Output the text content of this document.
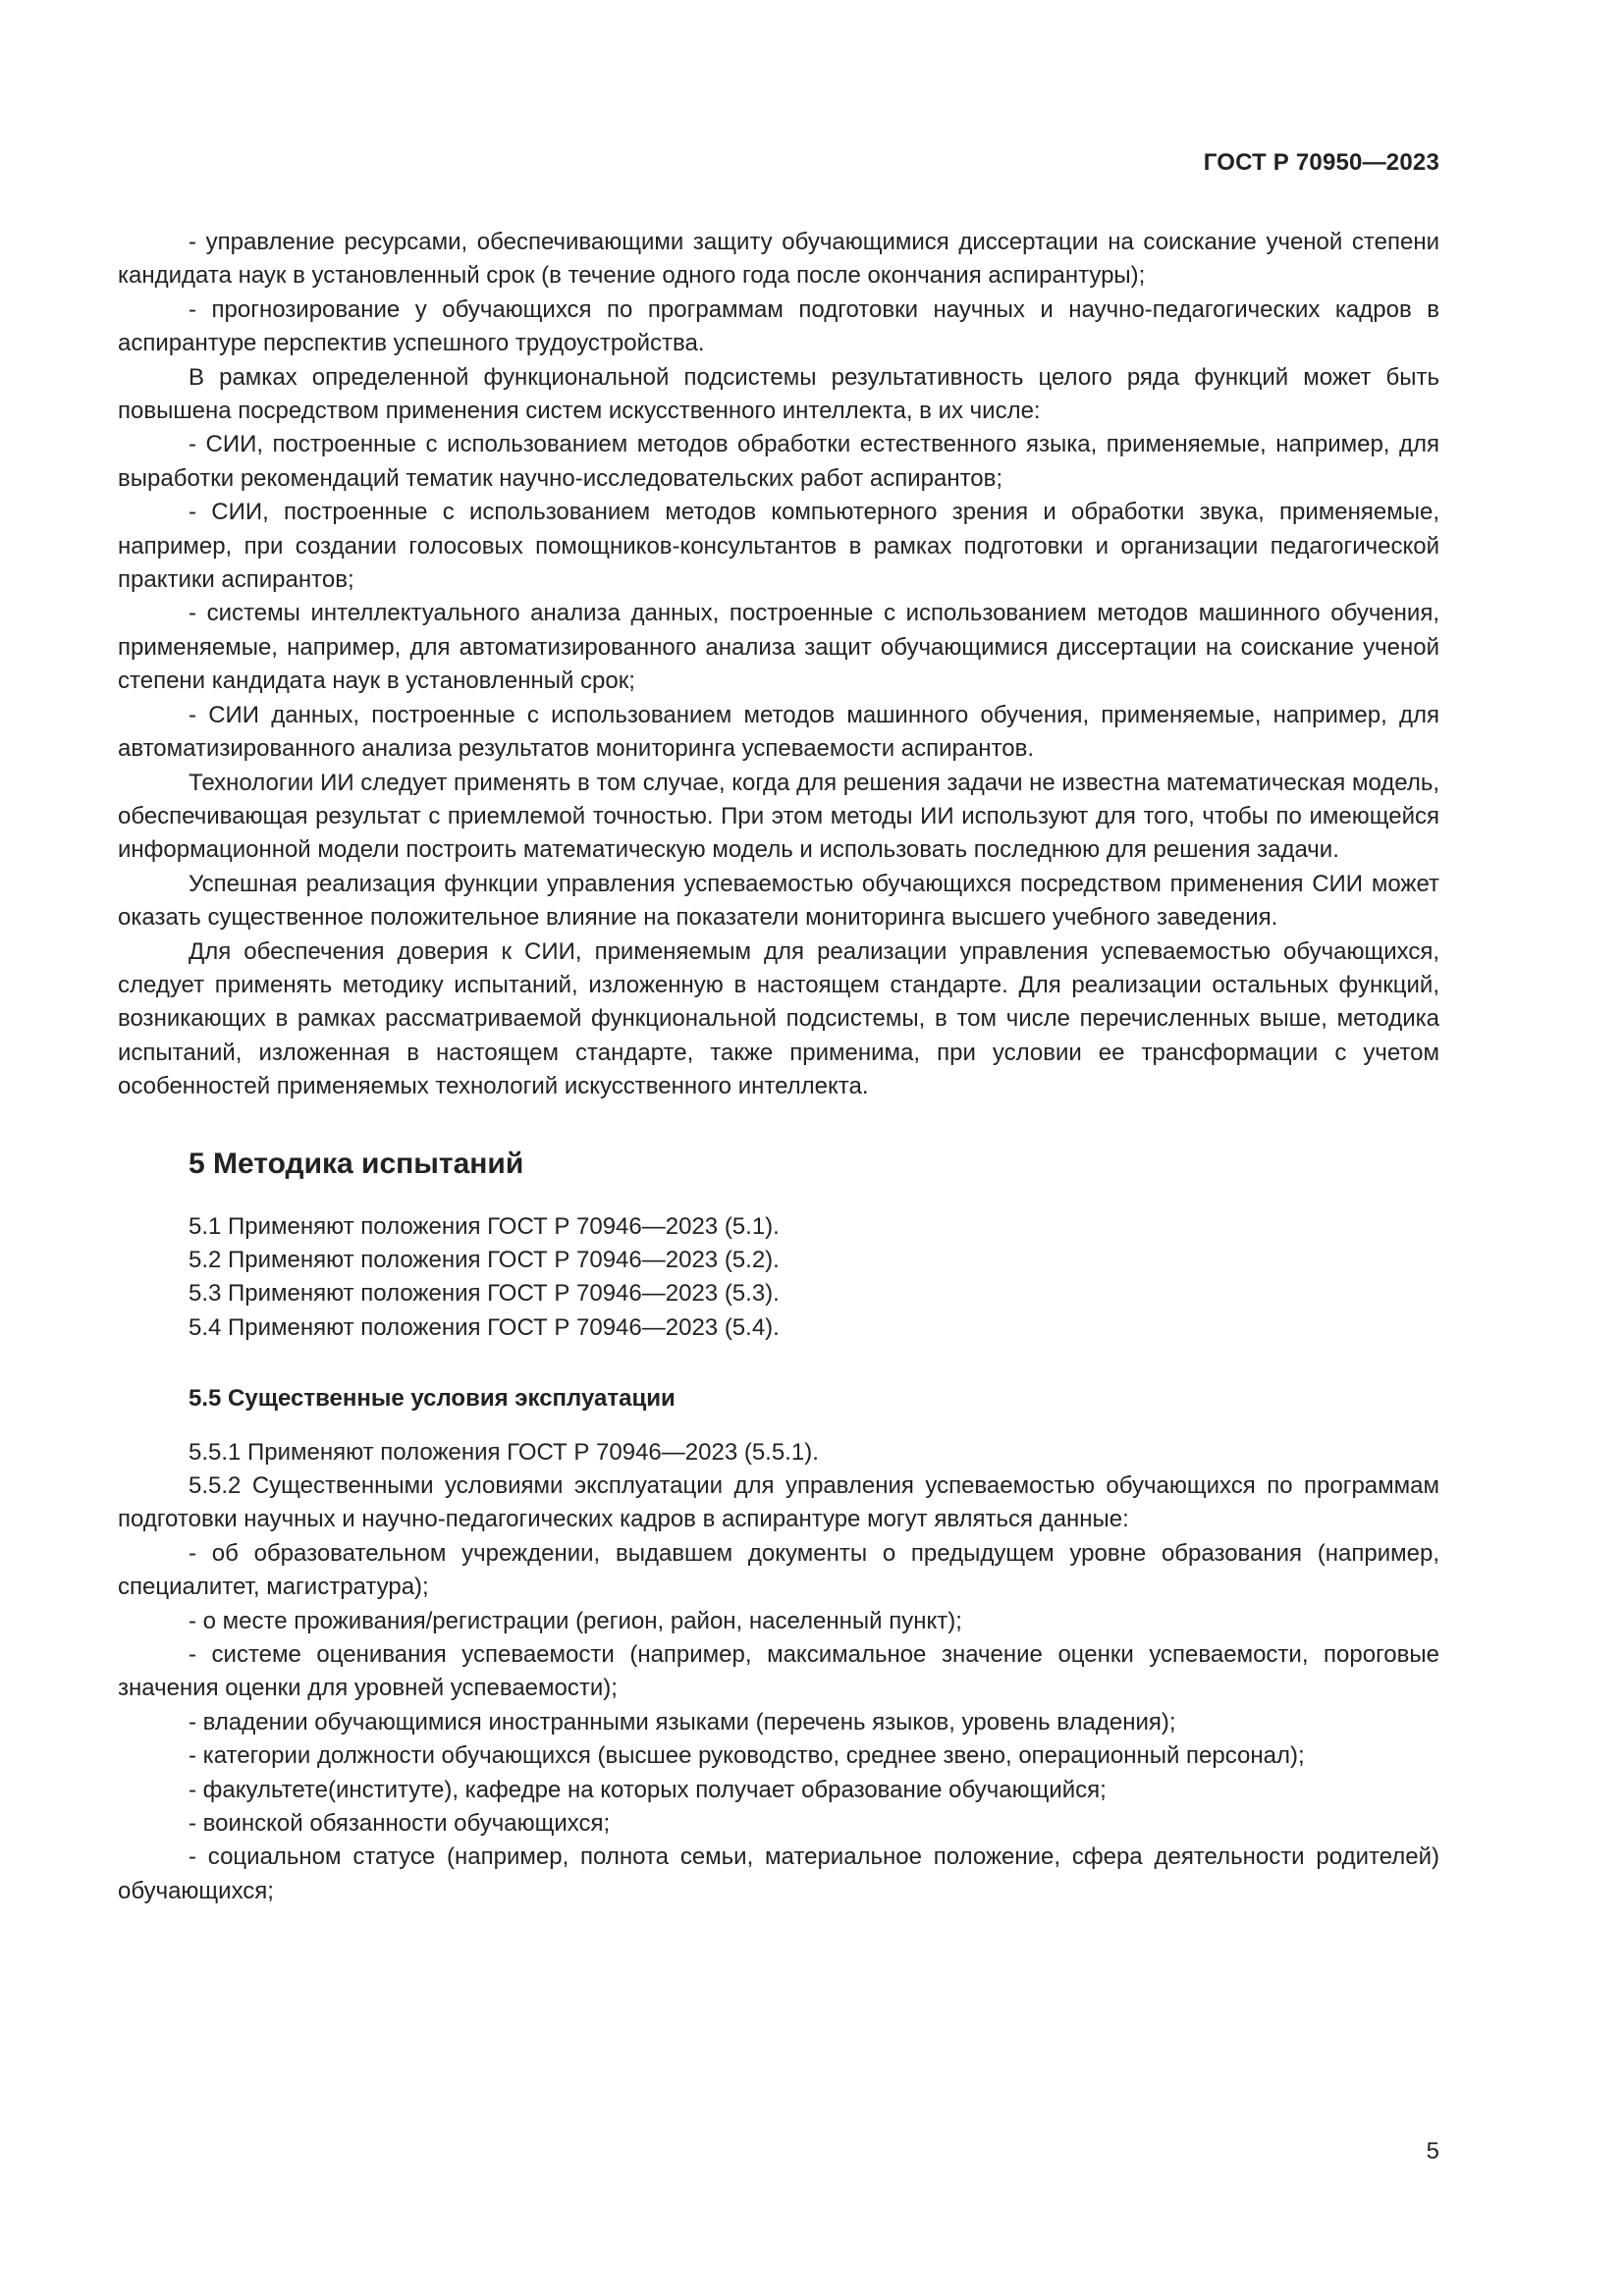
ГОСТ Р 70950—2023

- управление ресурсами, обеспечивающими защиту обучающимися диссертации на соискание ученой степени кандидата наук в установленный срок (в течение одного года после окончания аспирантуры);

- прогнозирование у обучающихся по программам подготовки научных и научно-педагогических кадров в аспирантуре перспектив успешного трудоустройства.

В рамках определенной функциональной подсистемы результативность целого ряда функций может быть повышена посредством применения систем искусственного интеллекта, в их числе:

- СИИ, построенные с использованием методов обработки естественного языка, применяемые, например, для выработки рекомендаций тематик научно-исследовательских работ аспирантов;

- СИИ, построенные с использованием методов компьютерного зрения и обработки звука, применяемые, например, при создании голосовых помощников-консультантов в рамках подготовки и организации педагогической практики аспирантов;

- системы интеллектуального анализа данных, построенные с использованием методов машинного обучения, применяемые, например, для автоматизированного анализа защит обучающимися диссертации на соискание ученой степени кандидата наук в установленный срок;

- СИИ данных, построенные с использованием методов машинного обучения, применяемые, например, для автоматизированного анализа результатов мониторинга успеваемости аспирантов.

Технологии ИИ следует применять в том случае, когда для решения задачи не известна математическая модель, обеспечивающая результат с приемлемой точностью. При этом методы ИИ используют для того, чтобы по имеющейся информационной модели построить математическую модель и использовать последнюю для решения задачи.

Успешная реализация функции управления успеваемостью обучающихся посредством применения СИИ может оказать существенное положительное влияние на показатели мониторинга высшего учебного заведения.

Для обеспечения доверия к СИИ, применяемым для реализации управления успеваемостью обучающихся, следует применять методику испытаний, изложенную в настоящем стандарте. Для реализации остальных функций, возникающих в рамках рассматриваемой функциональной подсистемы, в том числе перечисленных выше, методика испытаний, изложенная в настоящем стандарте, также применима, при условии ее трансформации с учетом особенностей применяемых технологий искусственного интеллекта.

5 Методика испытаний

5.1 Применяют положения ГОСТ Р 70946—2023 (5.1).

5.2 Применяют положения ГОСТ Р 70946—2023 (5.2).

5.3 Применяют положения ГОСТ Р 70946—2023 (5.3).

5.4 Применяют положения ГОСТ Р 70946—2023 (5.4).

5.5 Существенные условия эксплуатации

5.5.1 Применяют положения ГОСТ Р 70946—2023 (5.5.1).

5.5.2 Существенными условиями эксплуатации для управления успеваемостью обучающихся по программам подготовки научных и научно-педагогических кадров в аспирантуре могут являться данные:

- об образовательном учреждении, выдавшем документы о предыдущем уровне образования (например, специалитет, магистратура);

- о месте проживания/регистрации (регион, район, населенный пункт);

- системе оценивания успеваемости (например, максимальное значение оценки успеваемости, пороговые значения оценки для уровней успеваемости);

- владении обучающимися иностранными языками (перечень языков, уровень владения);

- категории должности обучающихся (высшее руководство, среднее звено, операционный персонал);

- факультете(институте), кафедре на которых получает образование обучающийся;

- воинской обязанности обучающихся;

- социальном статусе (например, полнота семьи, материальное положение, сфера деятельности родителей) обучающихся;

5
